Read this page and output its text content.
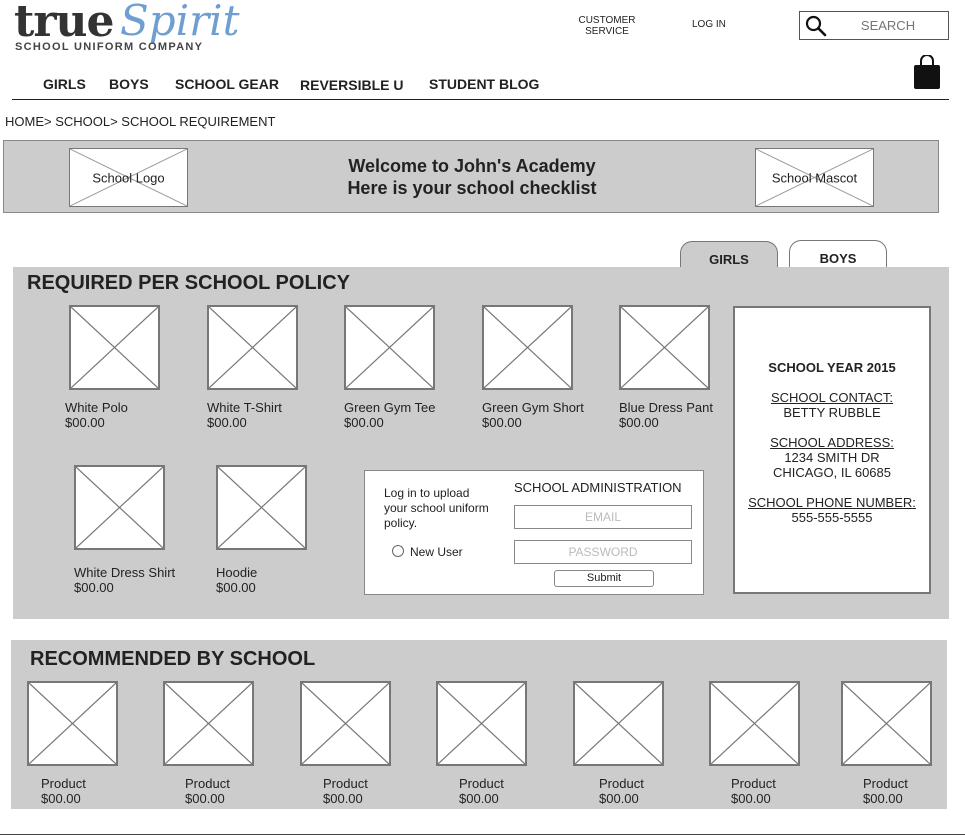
true Spirit
SCHOOL UNIFORM COMPANY
CUSTOMER
SERVICE
LOG IN
SEARCH
GIRLS BOYS SCHOOL GEAR REVERSIBLE U STUDENT BLOG
HOME> SCHOOL> SCHOOL REQUIREMENT
School Logo
Welcome to John's Academy
Here is your school checklist
School Mascot
GIRLS	BOYS
REQUIRED PER SCHOOL POLICY
White Polo
$00.00
White T-Shirt
$00.00
Green Gym Tee
$00.00
Green Gym Short
$00.00
Blue Dress Pant
$00.00
White Dress Shirt
$00.00
Hoodie
$00.00
Log in to upload
your school uniform
policy.
New User
SCHOOL ADMINISTRATION
EMAIL
PASSWORD
Submit
SCHOOL YEAR 2015
SCHOOL CONTACT:
BETTY RUBBLE
SCHOOL ADDRESS:
1234 SMITH DR
CHICAGO, IL 60685
SCHOOL PHONE NUMBER:
555-555-5555
RECOMMENDED BY SCHOOL
Product
$00.00
Product
$00.00
Product
$00.00
Product
$00.00
Product
$00.00
Product
$00.00
Product
$00.00
